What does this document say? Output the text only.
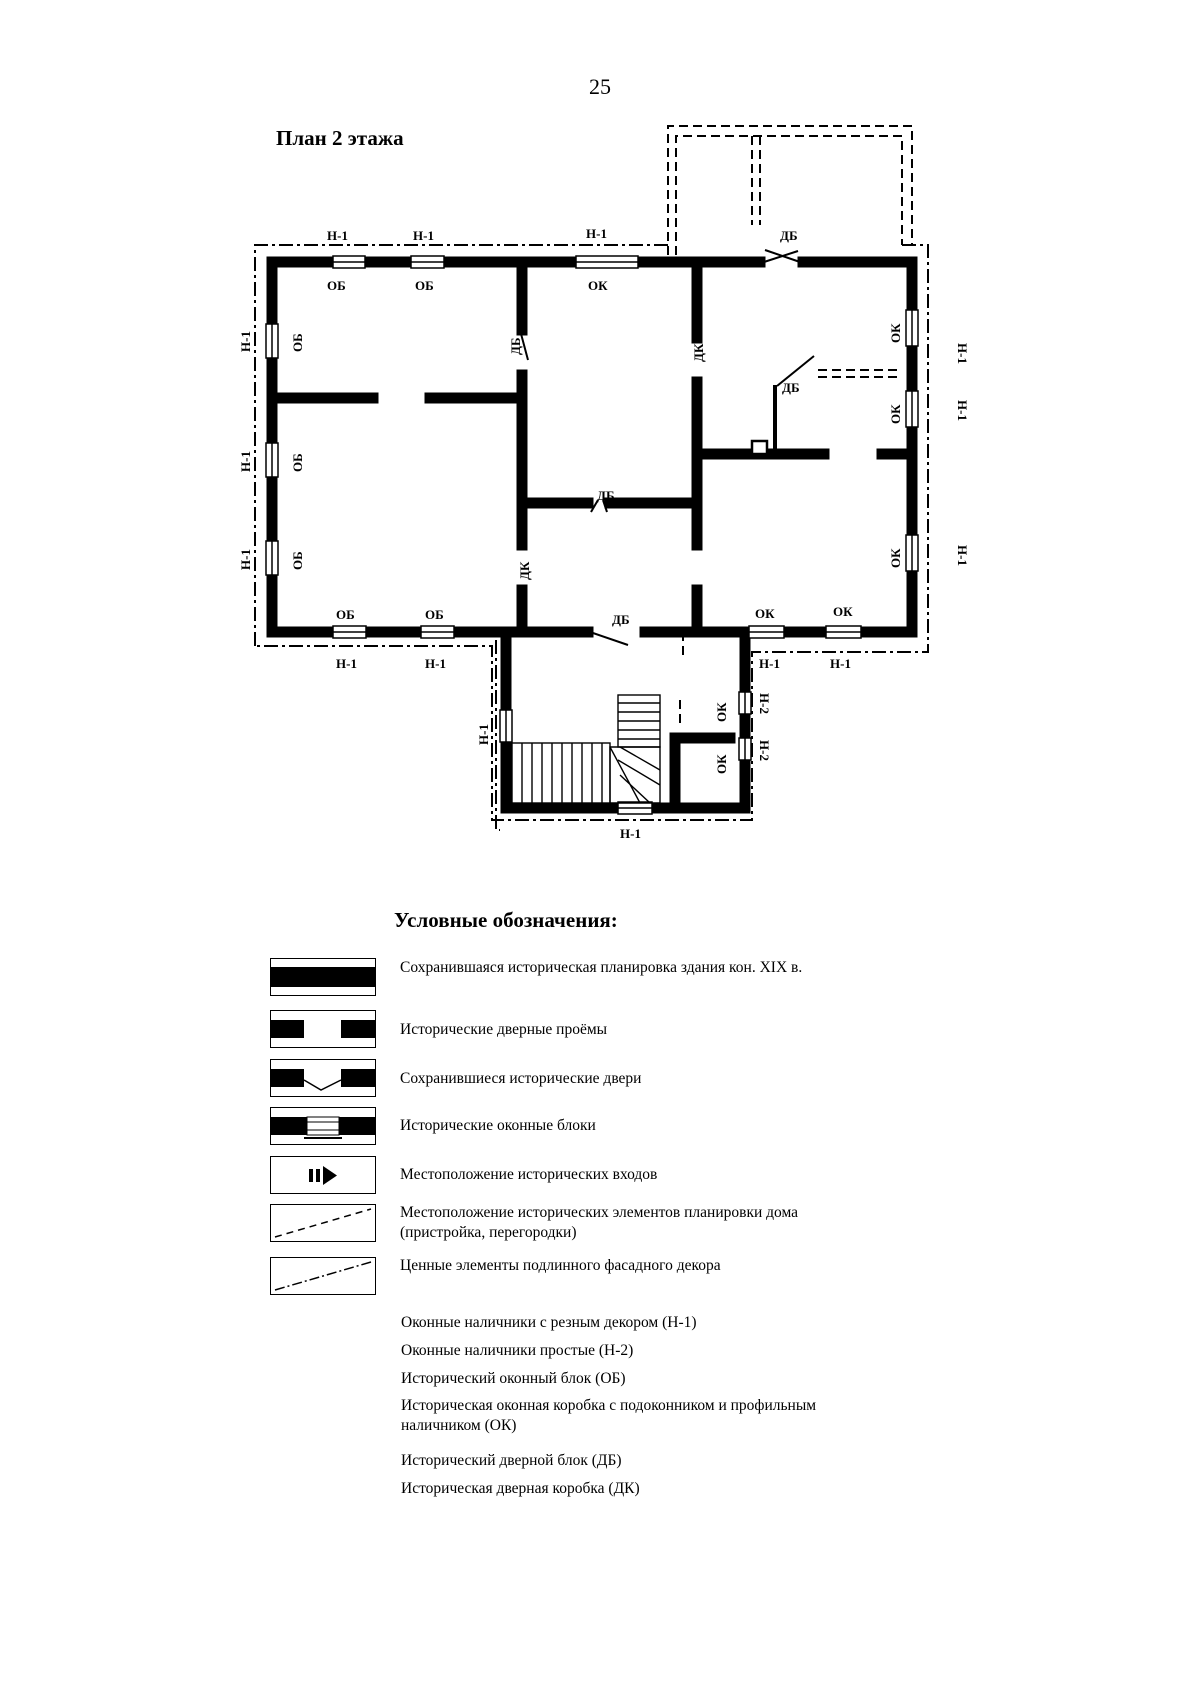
25
План 2 этажа
Н-1	Н-1	Н-1
ОБ	ОБ	ОК
ДБ
Н-1	Н-1	Н-1	Н-1
Н-1
ОБ	ОБ	ДБ
ДБ
ДБ
ОК	ОК
Н-1
Н-1
Н-1
ОБ
ОБ
ОБ
ДБ	ДК
ДК
ОК
ОК
ОК
Н-1
Н-1
Н-1
Н-1
ОК
ОК
Н-2
Н-2
Условные обозначения:
Сохранившаяся историческая планировка здания кон. XIX в.
Исторические дверные проёмы
Сохранившиеся исторические двери
Исторические оконные блоки
Местоположение исторических входов
Местоположение исторических элементов планировки дома (пристройка, перегородки)
Ценные элементы подлинного фасадного декора
Оконные наличники с резным декором (Н-1)
Оконные наличники простые (Н-2)
Исторический оконный блок (ОБ)
Историческая оконная коробка с подоконником и профильным наличником (ОК)
Исторический дверной блок (ДБ)
Историческая дверная коробка (ДК)
